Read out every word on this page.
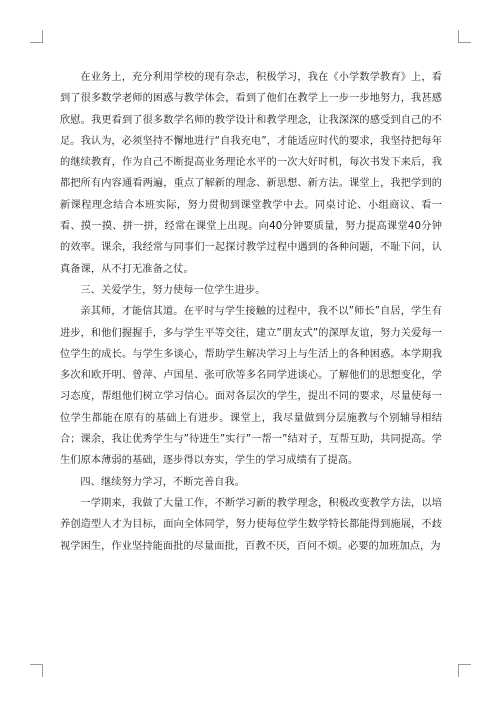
在业务上，充分利用学校的现有杂志，积极学习，我在《小学数学教育》上，看到了很多数学老师的困惑与教学体会，看到了他们在教学上一步一步地努力，我甚感欣慰。我更看到了很多数学名师的教学设计和教学理念，让我深深的感受到自己的不足。我认为，必须坚持不懈地进行“自我充电”，才能适应时代的要求，我坚持把每年的继续教育，作为自己不断提高业务理论水平的一次大好时机，每次书发下来后，我都把所有内容通看两遍，重点了解新的理念、新思想、新方法。课堂上，我把学到的新课程理念结合本班实际，努力贯彻到课堂教学中去。同桌讨论、小组商议、看一看、摸一摸、拼一拼，经常在课堂上出现。向40分钟要质量，努力提高课堂40分钟的效率。课余，我经常与同事们一起探讨教学过程中遇到的各种问题，不耻下问，认真备课，从不打无准备之仗。

三、关爱学生，努力使每一位学生进步。

亲其师，才能信其道。在平时与学生接触的过程中，我不以”师长”自居，学生有进步，和他们握握手，多与学生平等交往，建立”朋友式”的深厚友谊，努力关爱每一位学生的成长。与学生多谈心，帮助学生解决学习上与生活上的各种困惑。本学期我多次和欧开明、曾萍、卢国星、张可欣等多名同学进谈心。了解他们的思想变化，学习态度，帮组他们树立学习信心。面对各层次的学生，提出不同的要求，尽量使每一位学生都能在原有的基础上有进步。课堂上，我尽量做到分层施教与个别辅导相结合；课余，我让优秀学生与”待进生”实行”一帮一”结对子，互帮互助，共同提高。学生们原本薄弱的基础，逐步得以夯实，学生的学习成绩有了提高。

四、继续努力学习，不断完善自我。

一学期来，我做了大量工作，不断学习新的教学理念，积极改变教学方法，以培养创造型人才为目标，面向全体同学，努力使每位学生数学特长都能得到施展，不歧视学困生，作业坚持能面批的尽量面批，百教不厌，百问不烦。必要的加班加点，为
